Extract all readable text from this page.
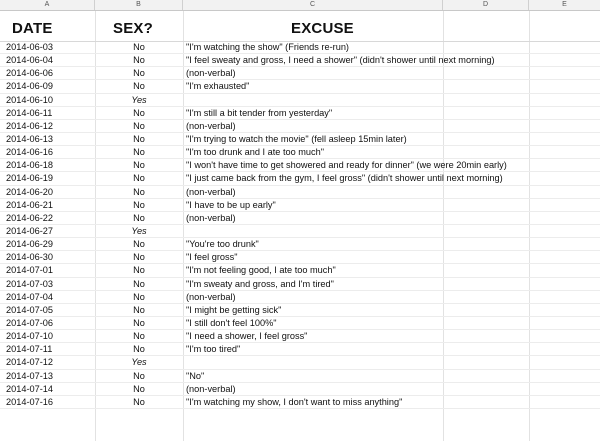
A	B	C	D	E
DATE	SEX?	EXCUSE
2014-06-03	No	"I'm watching the show" (Friends re-run)
2014-06-04	No	"I feel sweaty and gross, I need a shower" (didn't shower until next morning)
2014-06-06	No	(non-verbal)
2014-06-09	No	"I'm exhausted"
2014-06-10	Yes
2014-06-11	No	"I'm still a bit tender from yesterday"
2014-06-12	No	(non-verbal)
2014-06-13	No	"I'm trying to watch the movie" (fell asleep 15min later)
2014-06-16	No	"I'm too drunk and I ate too much"
2014-06-18	No	"I won't have time to get showered and ready for dinner" (we were 20min early)
2014-06-19	No	"I just came back from the gym, I feel gross" (didn't shower until next morning)
2014-06-20	No	(non-verbal)
2014-06-21	No	"I have to be up early"
2014-06-22	No	(non-verbal)
2014-06-27	Yes
2014-06-29	No	"You're too drunk"
2014-06-30	No	"I feel gross"
2014-07-01	No	"I'm not feeling good, I ate too much"
2014-07-03	No	"I'm sweaty and gross, and I'm tired"
2014-07-04	No	(non-verbal)
2014-07-05	No	"I might be getting sick"
2014-07-06	No	"I still don't feel 100%"
2014-07-10	No	"I need a shower, I feel gross"
2014-07-11	No	"I'm too tired"
2014-07-12	Yes
2014-07-13	No	"No"
2014-07-14	No	(non-verbal)
2014-07-16	No	"I'm watching my show, I don't want to miss anything"
